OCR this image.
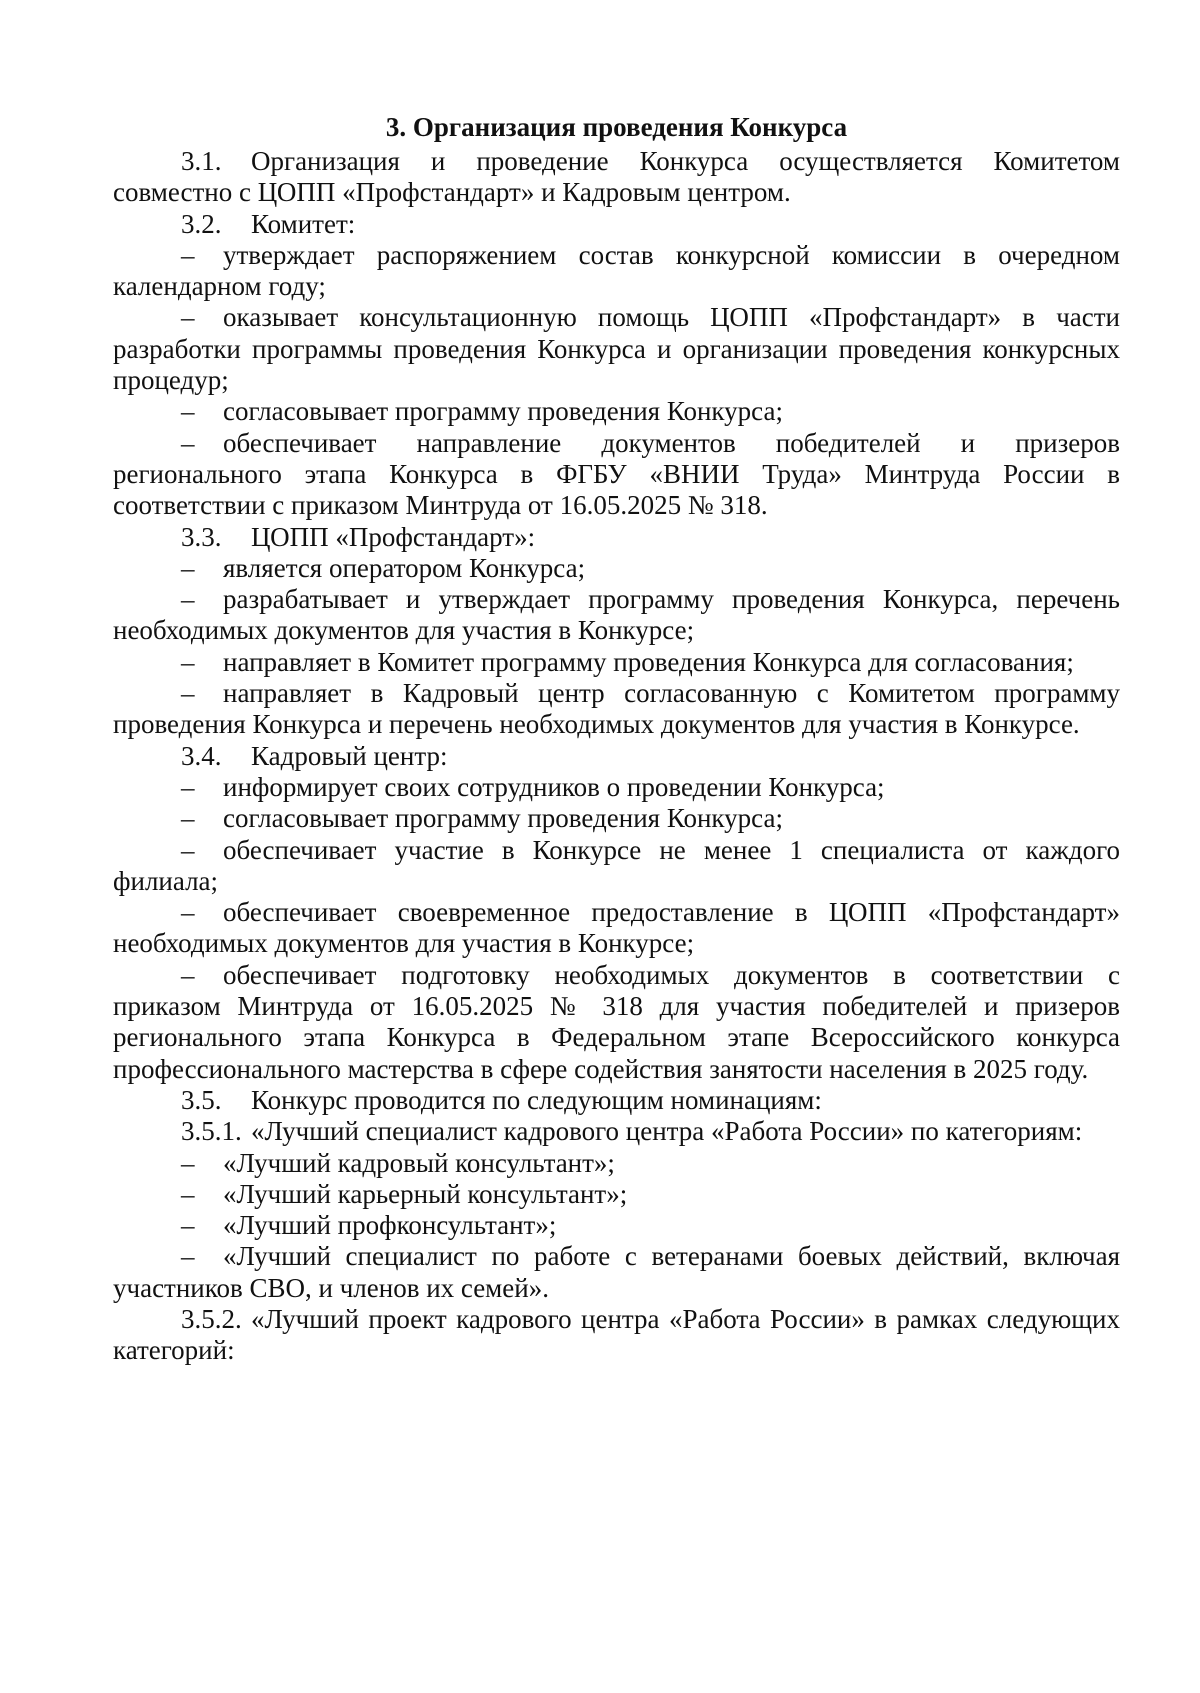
3. Организация проведения Конкурса

3.1. Организация и проведение Конкурса осуществляется Комитетом совместно с ЦОПП «Профстандарт» и Кадровым центром.

3.2. Комитет:

– утверждает распоряжением состав конкурсной комиссии в очередном календарном году;

– оказывает консультационную помощь ЦОПП «Профстандарт» в части разработки программы проведения Конкурса и организации проведения конкурсных процедур;

– согласовывает программу проведения Конкурса;

– обеспечивает направление документов победителей и призеров регионального этапа Конкурса в ФГБУ «ВНИИ Труда» Минтруда России в соответствии с приказом Минтруда от 16.05.2025 № 318.

3.3. ЦОПП «Профстандарт»:

– является оператором Конкурса;

– разрабатывает и утверждает программу проведения Конкурса, перечень необходимых документов для участия в Конкурсе;

– направляет в Комитет программу проведения Конкурса для согласования;

– направляет в Кадровый центр согласованную с Комитетом программу проведения Конкурса и перечень необходимых документов для участия в Конкурсе.

3.4. Кадровый центр:

– информирует своих сотрудников о проведении Конкурса;

– согласовывает программу проведения Конкурса;

– обеспечивает участие в Конкурсе не менее 1 специалиста от каждого филиала;

– обеспечивает своевременное предоставление в ЦОПП «Профстандарт» необходимых документов для участия в Конкурсе;

– обеспечивает подготовку необходимых документов в соответствии с приказом Минтруда от 16.05.2025 № 318 для участия победителей и призеров регионального этапа Конкурса в Федеральном этапе Всероссийского конкурса профессионального мастерства в сфере содействия занятости населения в 2025 году.

3.5. Конкурс проводится по следующим номинациям:

3.5.1. «Лучший специалист кадрового центра «Работа России» по категориям:

– «Лучший кадровый консультант»;

– «Лучший карьерный консультант»;

– «Лучший профконсультант»;

– «Лучший специалист по работе с ветеранами боевых действий, включая участников СВО, и членов их семей».

3.5.2. «Лучший проект кадрового центра «Работа России» в рамках следующих категорий:
